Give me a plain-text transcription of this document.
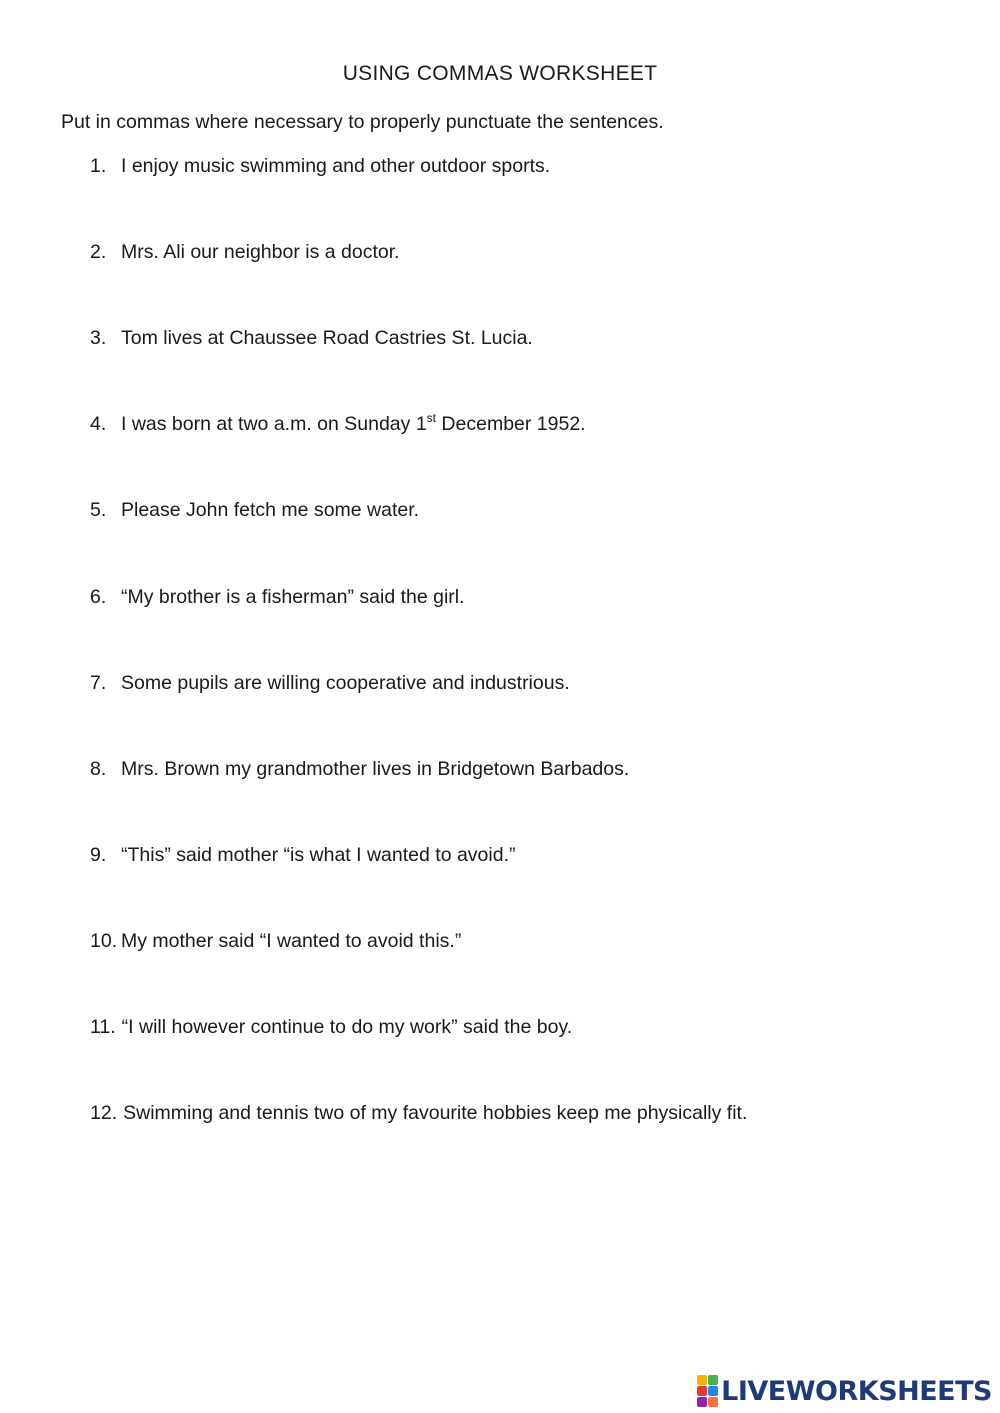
USING COMMAS WORKSHEET
Put in commas where necessary to properly punctuate the sentences.
1. I enjoy music swimming and other outdoor sports.
2. Mrs. Ali our neighbor is a doctor.
3. Tom lives at Chaussee Road Castries St. Lucia.
4. I was born at two a.m. on Sunday 1st December 1952.
5. Please John fetch me some water.
6. “My brother is a fisherman” said the girl.
7. Some pupils are willing cooperative and industrious.
8. Mrs. Brown my grandmother lives in Bridgetown Barbados.
9. “This” said mother “is what I wanted to avoid.”
10. My mother said “I wanted to avoid this.”
11. “I will however continue to do my work” said the boy.
12. Swimming and tennis two of my favourite hobbies keep me physically fit.
LIVEWORKSHEETS
